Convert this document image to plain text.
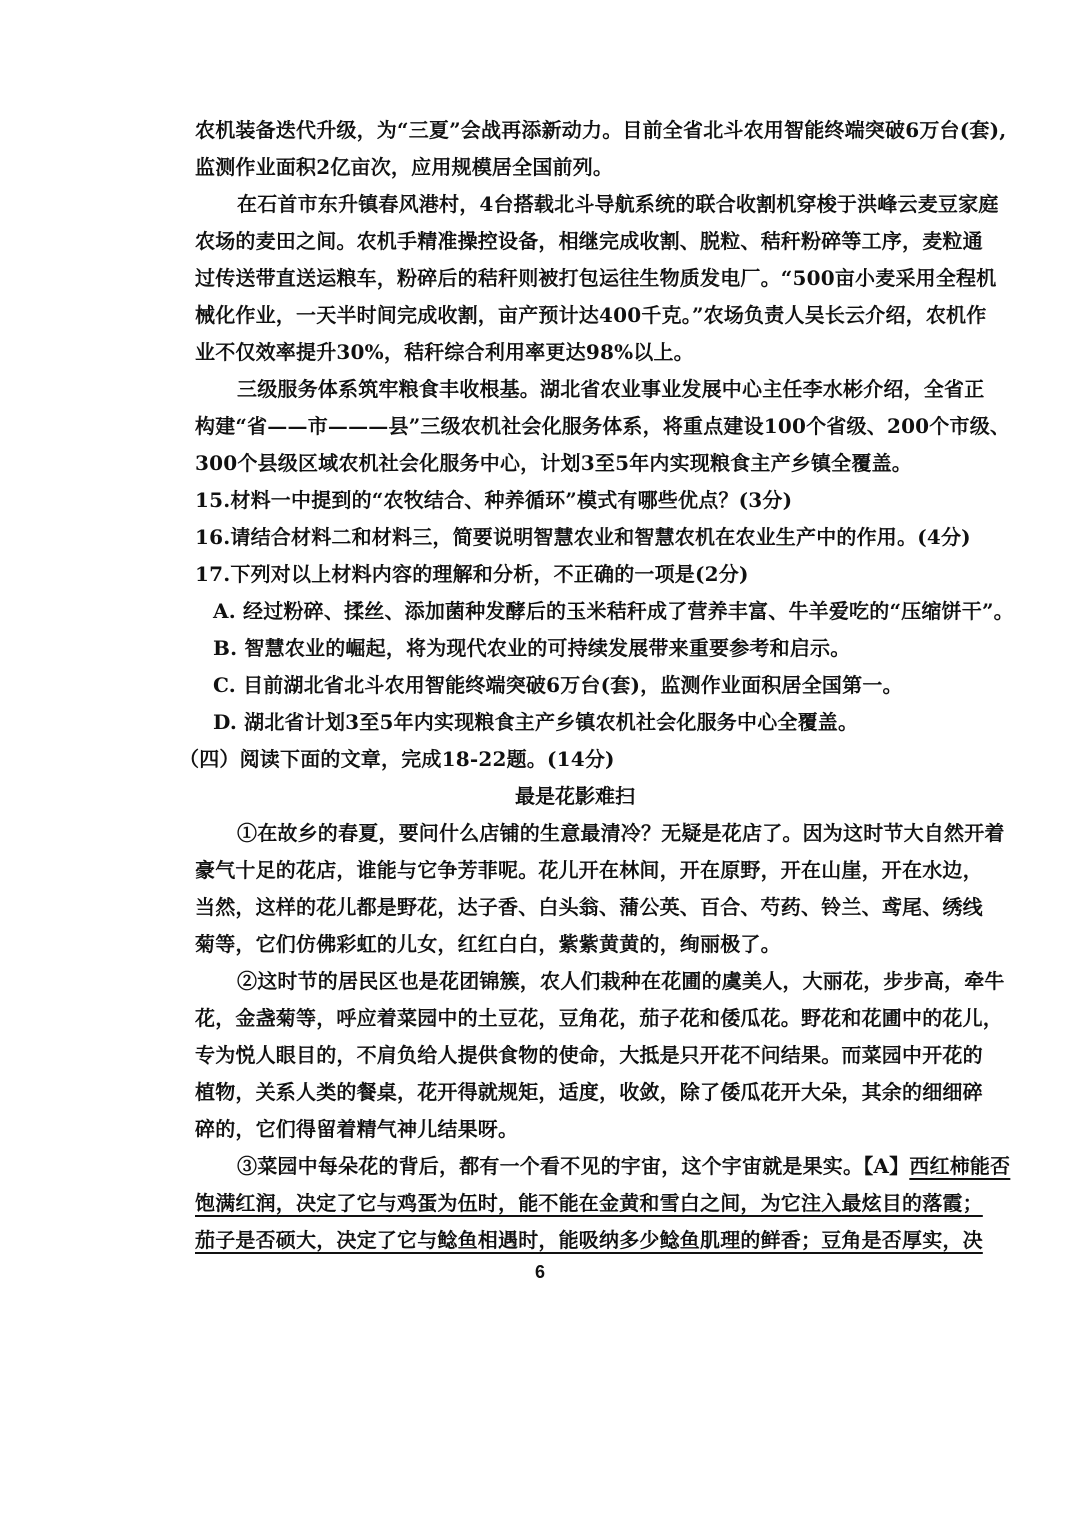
农机装备迭代升级，为“三夏”会战再添新动力。目前全省北斗农用智能终端突破6万台(套),
监测作业面积2亿亩次，应用规模居全国前列。
在石首市东升镇春风港村，4台搭载北斗导航系统的联合收割机穿梭于洪峰云麦豆家庭
农场的麦田之间。农机手精准操控设备，相继完成收割、脱粒、秸秆粉碎等工序，麦粒通
过传送带直送运粮车，粉碎后的秸秆则被打包运往生物质发电厂。“500亩小麦采用全程机
械化作业，一天半时间完成收割，亩产预计达400千克。”农场负责人吴长云介绍，农机作
业不仅效率提升30%，秸秆综合利用率更达98%以上。
三级服务体系筑牢粮食丰收根基。湖北省农业事业发展中心主任李水彬介绍，全省正
构建“省——市———县”三级农机社会化服务体系，将重点建设100个省级、200个市级、
300个县级区域农机社会化服务中心，计划3至5年内实现粮食主产乡镇全覆盖。
15.材料一中提到的“农牧结合、种养循环”模式有哪些优点？(3分)
16.请结合材料二和材料三，简要说明智慧农业和智慧农机在农业生产中的作用。(4分)
17.下列对以上材料内容的理解和分析，不正确的一项是(2分)
A. 经过粉碎、揉丝、添加菌种发酵后的玉米秸秆成了营养丰富、牛羊爱吃的“压缩饼干”。
B. 智慧农业的崛起，将为现代农业的可持续发展带来重要参考和启示。
C. 目前湖北省北斗农用智能终端突破6万台(套)，监测作业面积居全国第一。
D. 湖北省计划3至5年内实现粮食主产乡镇农机社会化服务中心全覆盖。
（四）阅读下面的文章，完成18-22题。(14分)
最是花影难扫
①在故乡的春夏，要问什么店铺的生意最清冷？无疑是花店了。因为这时节大自然开着
豪气十足的花店，谁能与它争芳菲呢。花儿开在林间，开在原野，开在山崖，开在水边，
当然，这样的花儿都是野花，达子香、白头翁、蒲公英、百合、芍药、铃兰、鸢尾、绣线
菊等，它们仿佛彩虹的儿女，红红白白，紫紫黄黄的，绚丽极了。
②这时节的居民区也是花团锦簇，农人们栽种在花圃的虞美人，大丽花，步步高，牵牛
花，金盏菊等，呼应着菜园中的土豆花，豆角花，茄子花和倭瓜花。野花和花圃中的花儿，
专为悦人眼目的，不肩负给人提供食物的使命，大抵是只开花不问结果。而菜园中开花的
植物，关系人类的餐桌，花开得就规矩，适度，收敛，除了倭瓜花开大朵，其余的细细碎
碎的，它们得留着精气神儿结果呀。
③菜园中每朵花的背后，都有一个看不见的宇宙，这个宇宙就是果实。【A】西红柿能否
饱满红润，决定了它与鸡蛋为伍时，能不能在金黄和雪白之间，为它注入最炫目的落霞；
茄子是否硕大，决定了它与鲶鱼相遇时，能吸纳多少鲶鱼肌理的鲜香；豆角是否厚实，决
6
